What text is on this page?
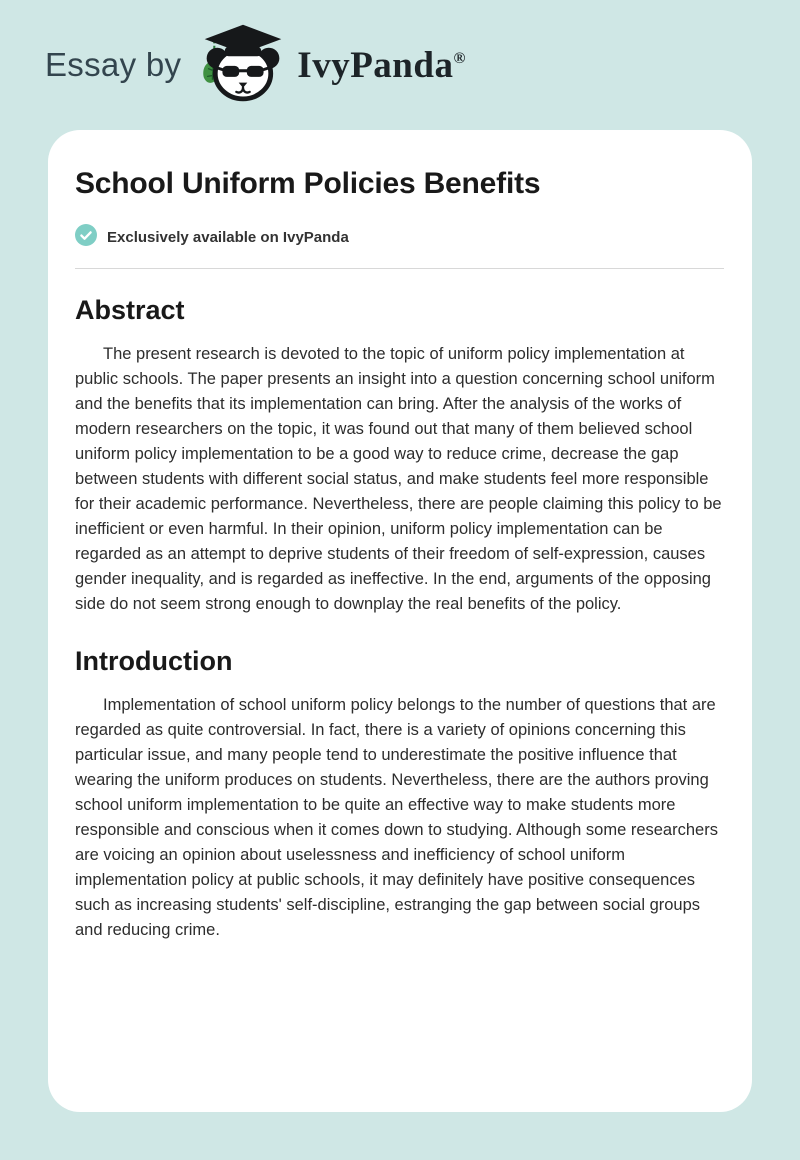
Essay by	IvyPanda®
School Uniform Policies Benefits
Exclusively available on IvyPanda
Abstract

The present research is devoted to the topic of uniform policy implementation at public schools. The paper presents an insight into a question concerning school uniform and the benefits that its implementation can bring. After the analysis of the works of modern researchers on the topic, it was found out that many of them believed school uniform policy implementation to be a good way to reduce crime, decrease the gap between students with different social status, and make students feel more responsible for their academic performance. Nevertheless, there are people claiming this policy to be inefficient or even harmful. In their opinion, uniform policy implementation can be regarded as an attempt to deprive students of their freedom of self-expression, causes gender inequality, and is regarded as ineffective. In the end, arguments of the opposing side do not seem strong enough to downplay the real benefits of the policy.

Introduction

Implementation of school uniform policy belongs to the number of questions that are regarded as quite controversial. In fact, there is a variety of opinions concerning this particular issue, and many people tend to underestimate the positive influence that wearing the uniform produces on students. Nevertheless, there are the authors proving school uniform implementation to be quite an effective way to make students more responsible and conscious when it comes down to studying. Although some researchers are voicing an opinion about uselessness and inefficiency of school uniform implementation policy at public schools, it may definitely have positive consequences such as increasing students' self-discipline, estranging the gap between social groups and reducing crime.
